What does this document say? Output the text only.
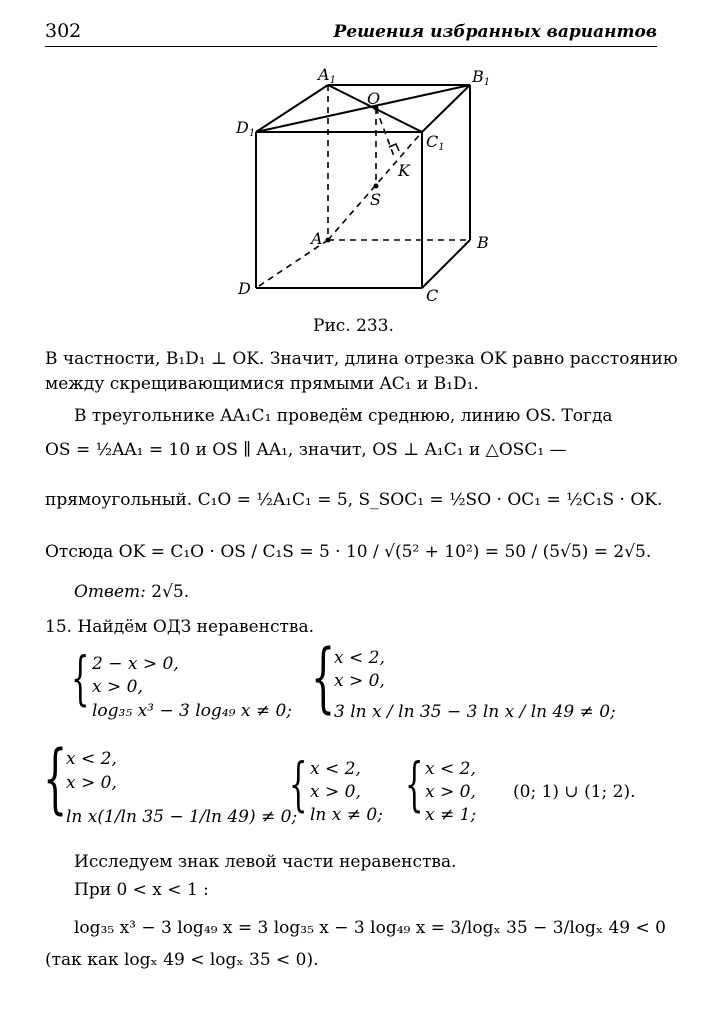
302	Решения избранных вариантов
A1	B1
D1	C1
O
K
S
A	B
C
D
Рис. 233.
В частности, B₁D₁ ⊥ OK. Значит, длина отрезка OK равно расстоянию
между скрещивающимися прямыми AC₁ и B₁D₁.
В треугольнике AA₁C₁ проведём среднюю, линию OS. Тогда
OS = ½AA₁ = 10 и OS ∥ AA₁, значит, OS ⊥ A₁C₁ и △OSC₁ —
прямоугольный. C₁O = ½A₁C₁ = 5, S_SOC₁ = ½SO · OC₁ = ½C₁S · OK.
Отсюда OK = C₁O · OS / C₁S = 5 · 10 / √(5² + 10²) = 50 / (5√5) = 2√5.
Ответ: 2√5.
15. Найдём ОДЗ неравенства.
{ 2 − x > 0,
x > 0,
log₃₅ x³ − 3 log₄₉ x ≠ 0; {
x < 2,
x > 0,
3 ln x / ln 35 − 3 ln x / ln 49 ≠ 0;
{
x < 2,
x > 0,
ln x(1/ln 35 − 1/ln 49) ≠ 0;
{ x < 2,
x > 0,
ln x ≠ 0; { x < 2,
x > 0,
x ≠ 1;
(0; 1) ∪ (1; 2).
Исследуем знак левой части неравенства.
При 0 < x < 1 :
log₃₅ x³ − 3 log₄₉ x = 3 log₃₅ x − 3 log₄₉ x = 3/logₓ 35 − 3/logₓ 49 < 0
(так как logₓ 49 < logₓ 35 < 0).
